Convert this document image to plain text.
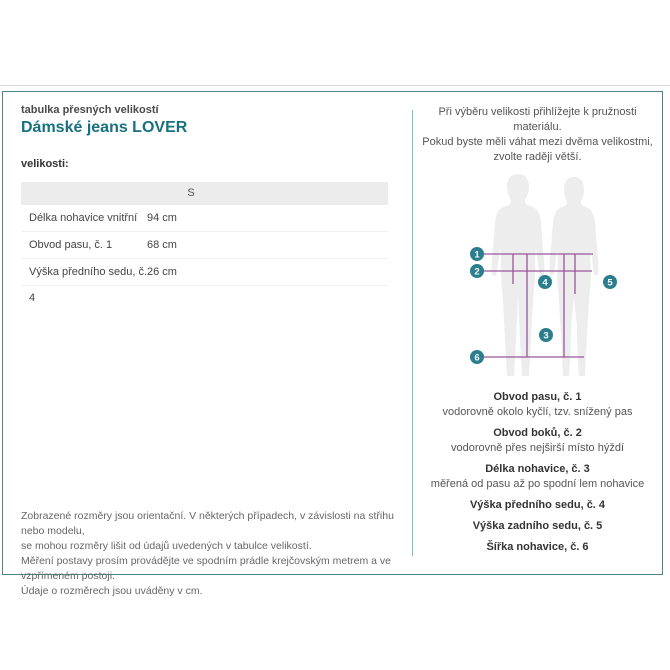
tabulka přesných velikostí
Dámské jeans LOVER
velikosti:
S
Délka nohavice vnitřní 94 cm
Obvod pasu, č. 1	68 cm
Výška předního sedu, č. 4
26 cm
Zobrazené rozměry jsou orientační. V některých případech, v závislosti na střihu nebo modelu,
se mohou rozměry lišit od údajů uvedených v tabulce velikostí.
Měření postavy prosím provádějte ve spodním prádle krejčovským metrem a ve vzpřímeném postoji.
Údaje o rozměrech jsou uváděny v cm.
Při výběru velikosti přihlížejte k pružnosti materiálu.
Pokud byste měli váhat mezi dvěma velikostmi,
zvolte raději větší.
1
2
4	5
3
6
Obvod pasu, č. 1
vodorovně okolo kyčlí, tzv. snížený pas
Obvod boků, č. 2
vodorovně přes nejširší místo hýždí
Délka nohavice, č. 3
měřená od pasu až po spodní lem nohavice
Výška předního sedu, č. 4
Výška zadního sedu, č. 5
Šířka nohavice, č. 6
